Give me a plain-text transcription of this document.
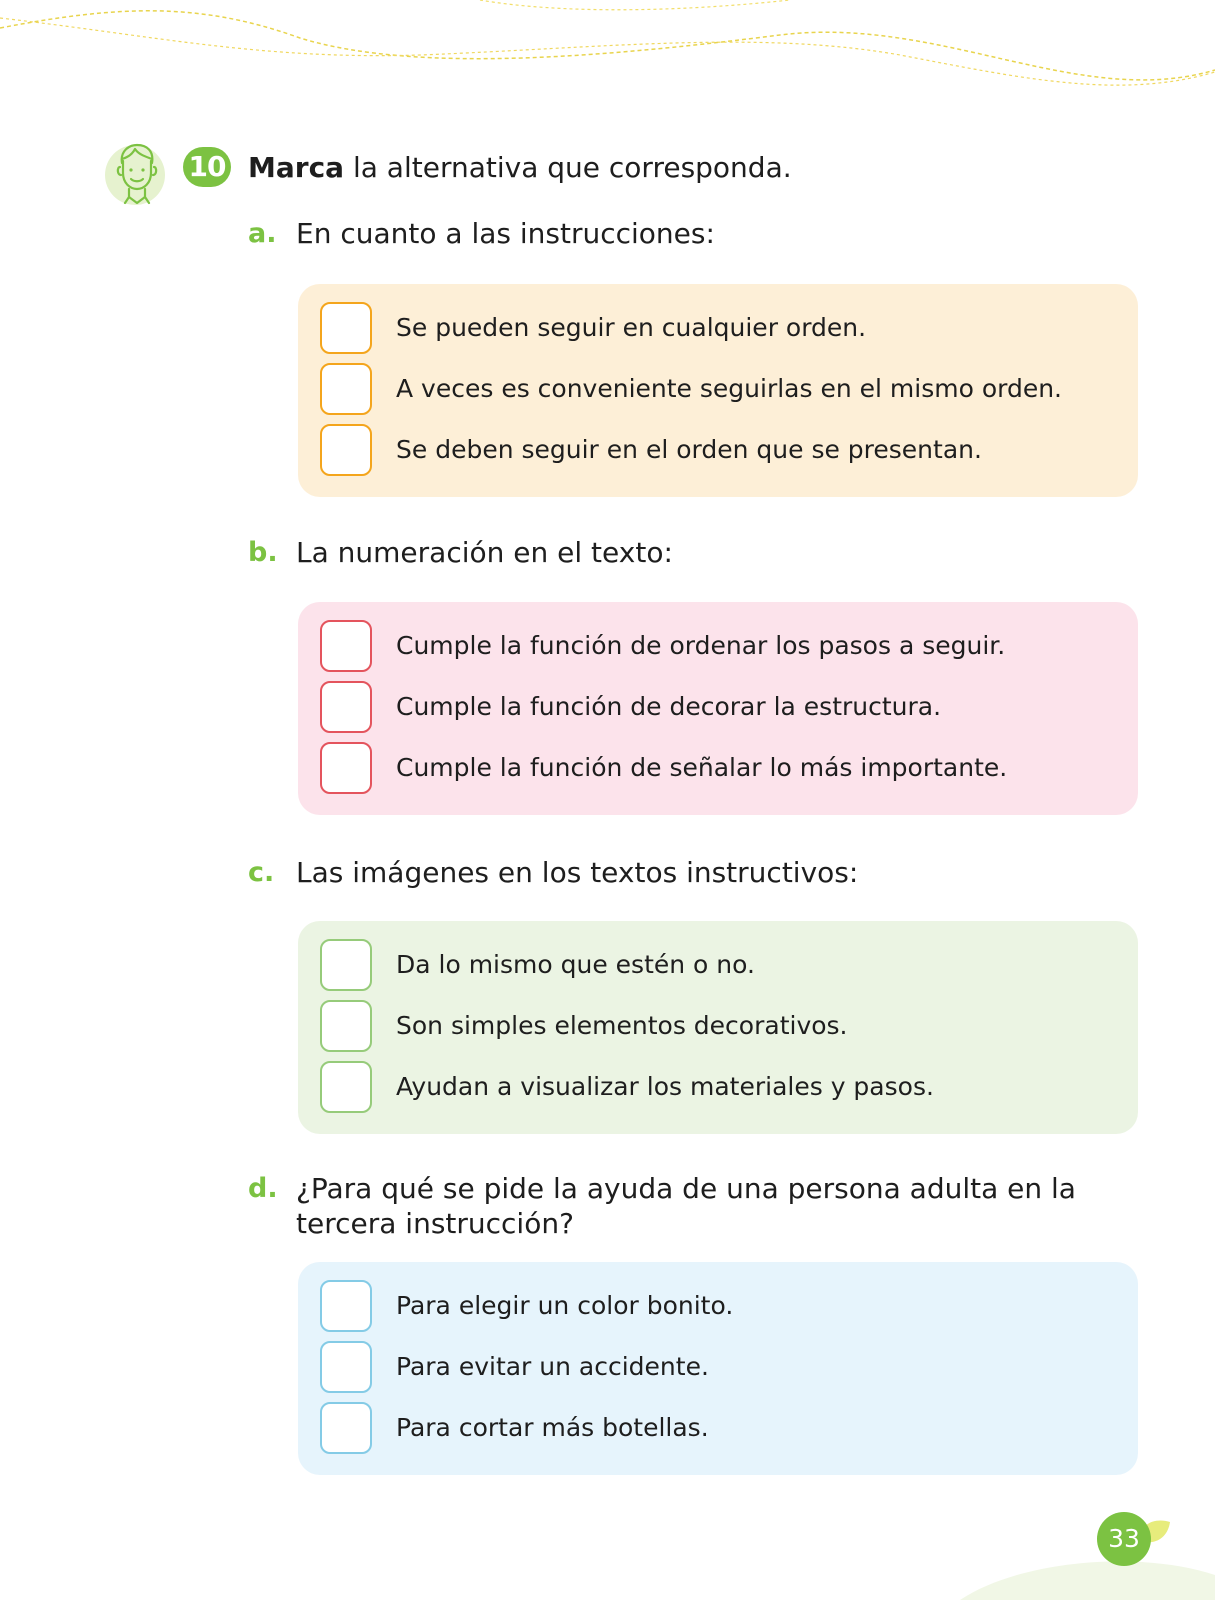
10 Marca la alternativa que corresponda.
a. En cuanto a las instrucciones:
Se pueden seguir en cualquier orden.
A veces es conveniente seguirlas en el mismo orden.
Se deben seguir en el orden que se presentan.
b. La numeración en el texto:
Cumple la función de ordenar los pasos a seguir.
Cumple la función de decorar la estructura.
Cumple la función de señalar lo más importante.
c. Las imágenes en los textos instructivos:
Da lo mismo que estén o no.
Son simples elementos decorativos.
Ayudan a visualizar los materiales y pasos.
d. ¿Para qué se pide la ayuda de una persona adulta en la tercera instrucción?
Para elegir un color bonito.
Para evitar un accidente.
Para cortar más botellas.
33
